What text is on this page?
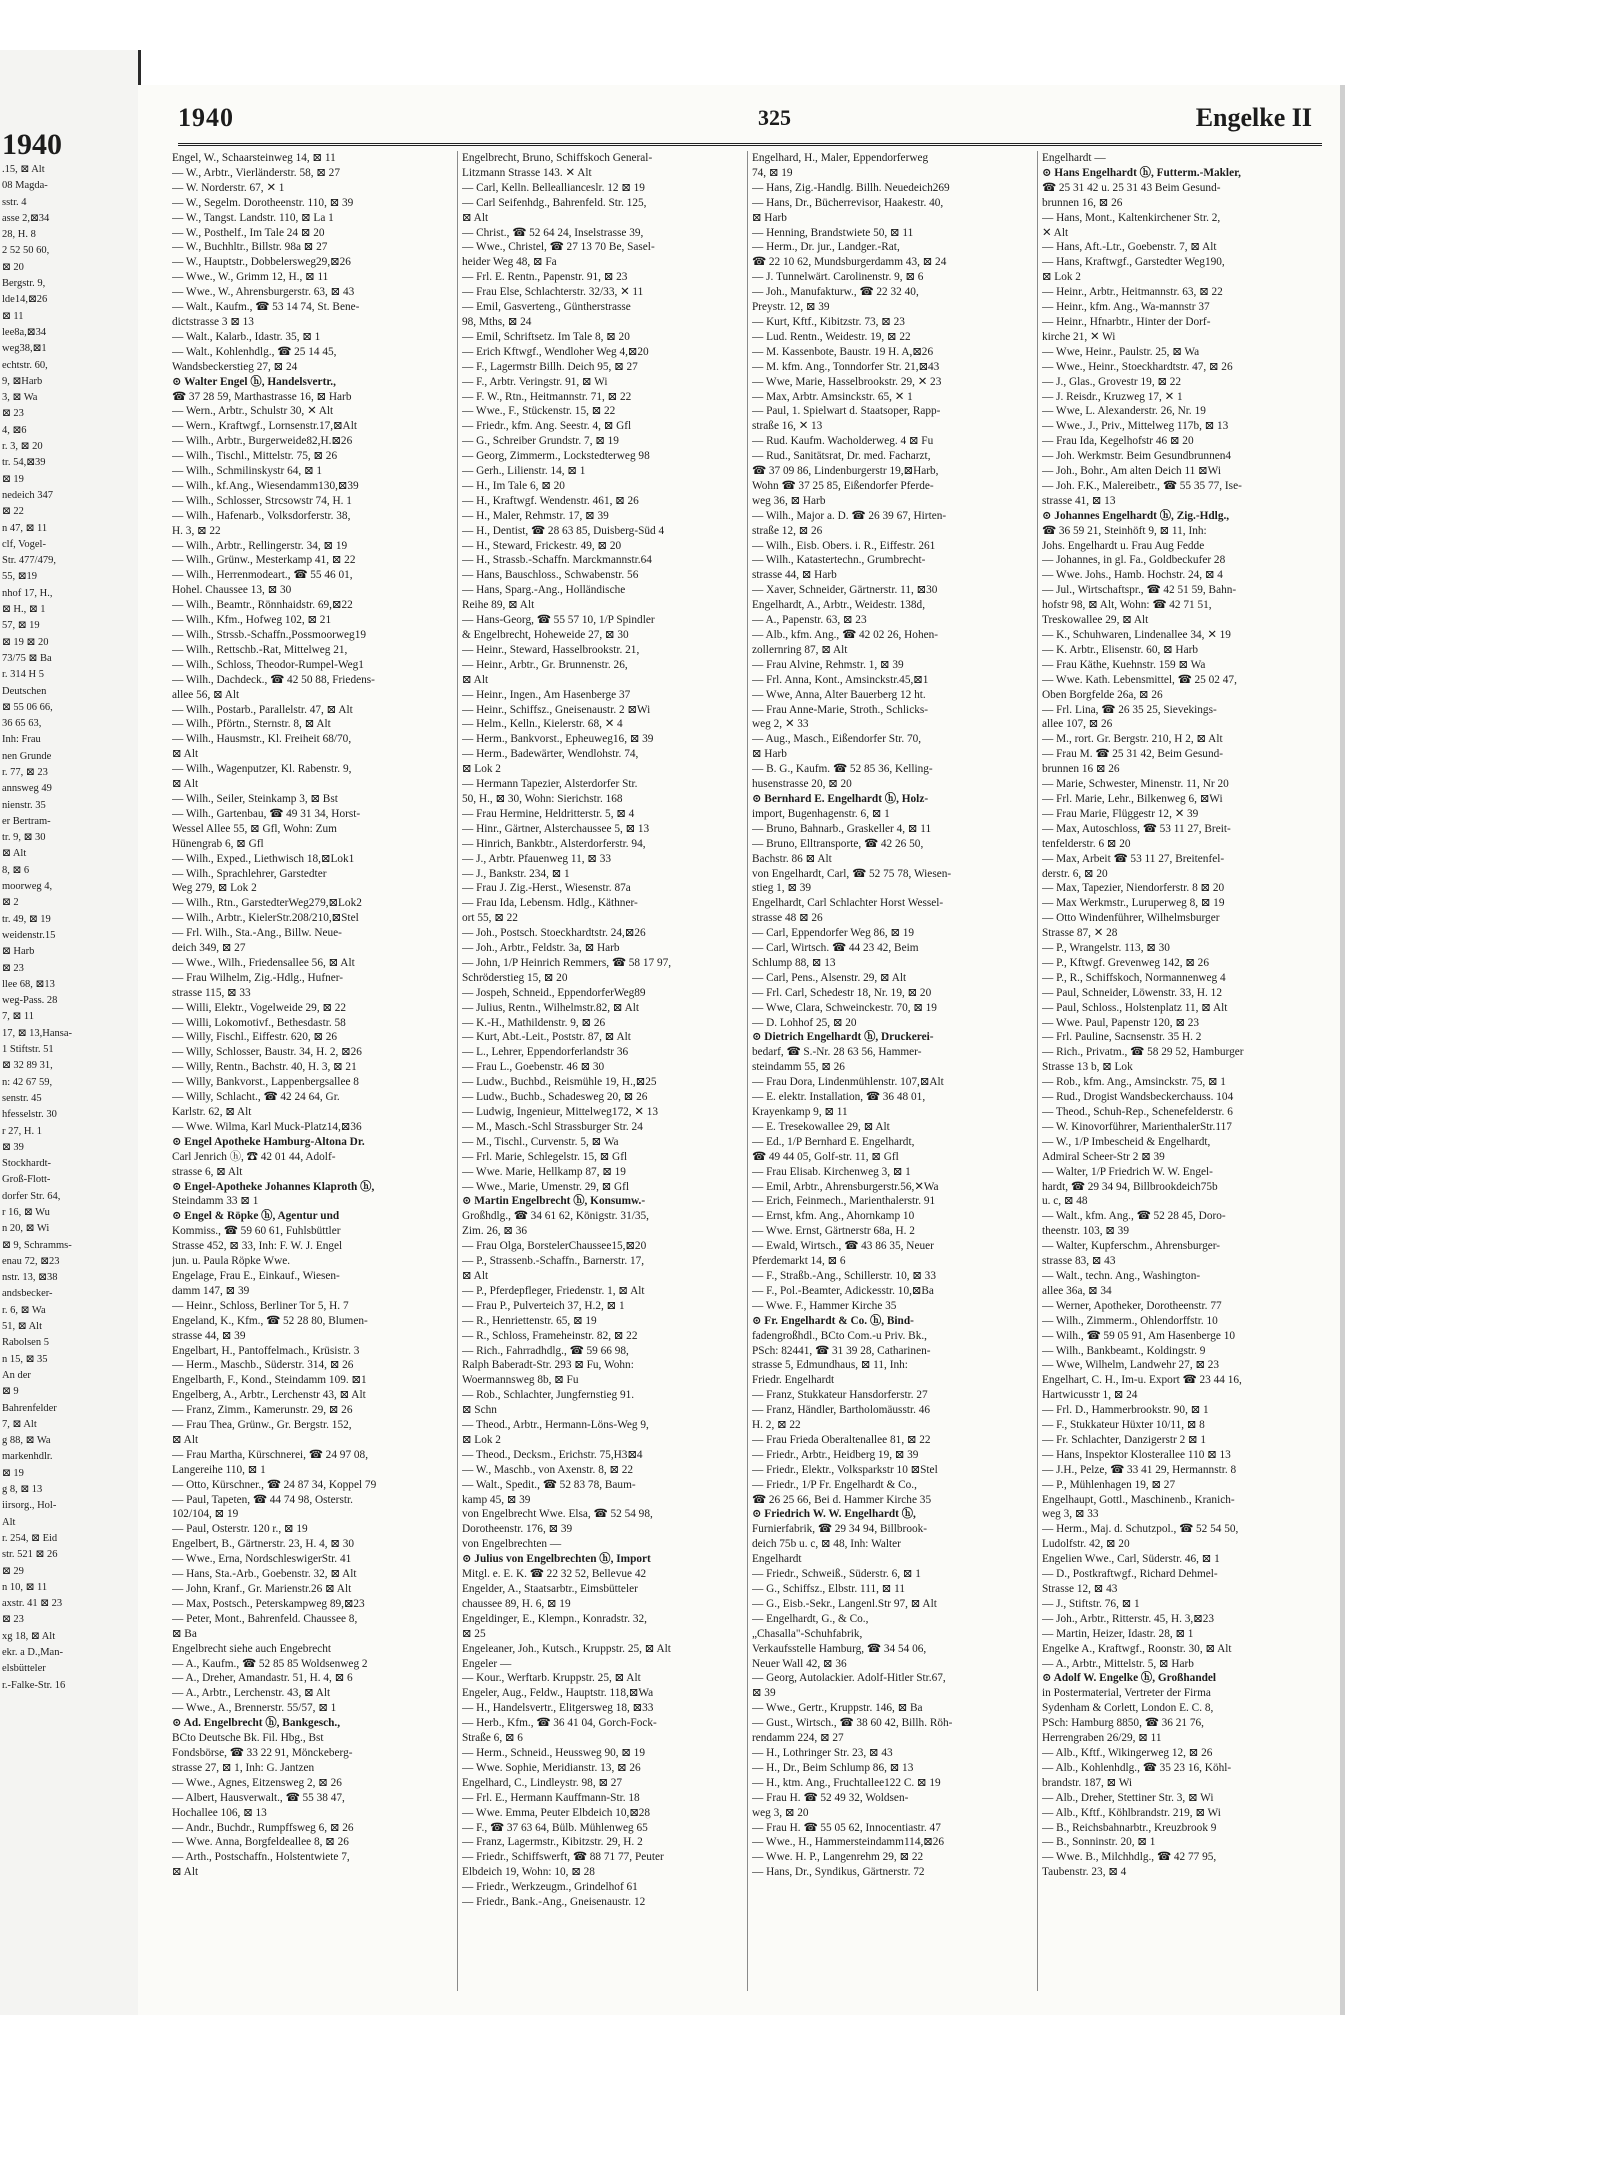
1940
.15, ⊠ Alt
08 Magda-
sstr. 4
asse 2,⊠34
28, H. 8
2 52 50 60,
⊠ 20
Bergstr. 9,
lde14,⊠26
⊠ 11
lee8a,⊠34
weg38,⊠1
echtstr. 60,
9, ⊠Harb
3, ⊠ Wa
⊠ 23
4, ⊠6
r. 3, ⊠ 20
tr. 54,⊠39
⊠ 19
nedeich 347
⊠ 22
n 47, ⊠ 11
clf, Vogel-
Str. 477/479,
55, ⊠19
nhof 17, H.,
⊠ H., ⊠ 1
57, ⊠ 19
⊠ 19 ⊠ 20
73/75 ⊠ Ba
r. 314 H 5
Deutschen
⊠ 55 06 66,
36 65 63,
Inh: Frau
nen Grunde
r. 77, ⊠ 23
annsweg 49
nienstr. 35
er Bertram-
tr. 9, ⊠ 30
⊠ Alt
8, ⊠ 6
moorweg 4,
⊠ 2
tr. 49, ⊠ 19
weidenstr.15
⊠ Harb
⊠ 23
llee 68, ⊠13
weg-Pass. 28
7, ⊠ 11
17, ⊠ 13,Hansa-
1 Stiftstr. 51
⊠ 32 89 31,
n: 42 67 59,
senstr. 45
hfesselstr. 30
r 27, H. 1
⊠ 39
Stockhardt-
Groß-Flott-
dorfer Str. 64,
r 16, ⊠ Wu
n 20, ⊠ Wi
⊠ 9, Schramms-
enau 72, ⊠23
nstr. 13, ⊠38
andsbecker-
r. 6, ⊠ Wa
51, ⊠ Alt
Rabolsen 5
n 15, ⊠ 35
An der
⊠ 9
Bahrenfelder
7, ⊠ Alt
g 88, ⊠ Wa
markenhdlr.
⊠ 19
g 8, ⊠ 13
iirsorg., Hol-
Alt
r. 254, ⊠ Eid
str. 521 ⊠ 26
⊠ 29
n 10, ⊠ 11
axstr. 41 ⊠ 23
⊠ 23
xg 18, ⊠ Alt
ekr. a D.,Man-
elsbütteler
r.-Falke-Str. 16
1940	325	Engelke II
Engel, W., Schaarsteinweg 14, ⊠ 11
— W., Arbtr., Vierländerstr. 58, ⊠ 27
— W. Norderstr. 67, ✕ 1
— W., Segelm. Dorotheenstr. 110, ⊠ 39
— W., Tangst. Landstr. 110, ⊠ La 1
— W., Posthelf., Im Tale 24 ⊠ 20
— W., Buchhltr., Billstr. 98a ⊠ 27
— W., Hauptstr., Dobbelersweg29,⊠26
— Wwe., W., Grimm 12, H., ⊠ 11
— Wwe., W., Ahrensburgerstr. 63, ⊠ 43
— Walt., Kaufm., ☎ 53 14 74, St. Bene-
dictstrasse 3 ⊠ 13
— Walt., Kalarb., Idastr. 35, ⊠ 1
— Walt., Kohlenhdlg., ☎ 25 14 45,
Wandsbeckerstieg 27, ⊠ 24
⊙ Walter Engel ⓗ, Handelsvertr.,
☎ 37 28 59, Marthastrasse 16, ⊠ Harb
— Wern., Arbtr., Schulstr 30, ✕ Alt
— Wern., Kraftwgf., Lornsenstr.17,⊠Alt
— Wilh., Arbtr., Burgerweide82,H.⊠26
— Wilh., Tischl., Mittelstr. 75, ⊠ 26
— Wilh., Schmilinskystr 64, ⊠ 1
— Wilh., kf.Ang., Wiesendamm130,⊠39
— Wilh., Schlosser, Strcsowstr 74, H. 1
— Wilh., Hafenarb., Volksdorferstr. 38,
H. 3, ⊠ 22
— Wilh., Arbtr., Rellingerstr. 34, ⊠ 19
— Wilh., Grünw., Mesterkamp 41, ⊠ 22
— Wilh., Herrenmodeart., ☎ 55 46 01,
Hohel. Chaussee 13, ⊠ 30
— Wilh., Beamtr., Rönnhaidstr. 69,⊠22
— Wilh., Kfm., Hofweg 102, ⊠ 21
— Wilh., Strssb.-Schaffn.,Possmoorweg19
— Wilh., Rettschb.-Rat, Mittelweg 21,
— Wilh., Schloss, Theodor-Rumpel-Weg1
— Wilh., Dachdeck., ☎ 42 50 88, Friedens-
allee 56, ⊠ Alt
— Wilh., Postarb., Parallelstr. 47, ⊠ Alt
— Wilh., Pförtn., Sternstr. 8, ⊠ Alt
— Wilh., Hausmstr., Kl. Freiheit 68/70,
⊠ Alt
— Wilh., Wagenputzer, Kl. Rabenstr. 9,
⊠ Alt
— Wilh., Seiler, Steinkamp 3, ⊠ Bst
— Wilh., Gartenbau, ☎ 49 31 34, Horst-
Wessel Allee 55, ⊠ Gfl, Wohn: Zum
Hünengrab 6, ⊠ Gfl
— Wilh., Exped., Liethwisch 18,⊠Lok1
— Wilh., Sprachlehrer, Garstedter
Weg 279, ⊠ Lok 2
— Wilh., Rtn., GarstedterWeg279,⊠Lok2
— Wilh., Arbtr., KielerStr.208/210,⊠Stel
— Frl. Wilh., Sta.-Ang., Billw. Neue-
deich 349, ⊠ 27
— Wwe., Wilh., Friedensallee 56, ⊠ Alt
— Frau Wilhelm, Zig.-Hdlg., Hufner-
strasse 115, ⊠ 33
— Willi, Elektr., Vogelweide 29, ⊠ 22
— Willi, Lokomotivf., Bethesdastr. 58
— Willy, Fischl., Eiffestr. 620, ⊠ 26
— Willy, Schlosser, Baustr. 34, H. 2, ⊠26
— Willy, Rentn., Bachstr. 40, H. 3, ⊠ 21
— Willy, Bankvorst., Lappenbergsallee 8
— Willy, Schlacht., ☎ 42 24 64, Gr.
Karlstr. 62, ⊠ Alt
— Wwe. Wilma, Karl Muck-Platz14,⊠36
⊙ Engel Apotheke Hamburg-Altona Dr.
Carl Jenrich ⓗ, ☎ 42 01 44, Adolf-
strasse 6, ⊠ Alt
⊙ Engel-Apotheke Johannes Klaproth ⓗ,
Steindamm 33 ⊠ 1
⊙ Engel & Röpke ⓗ, Agentur und
Kommiss., ☎ 59 60 61, Fuhlsbüttler
Strasse 452, ⊠ 33, Inh: F. W. J. Engel
jun. u. Paula Röpke Wwe.
Engelage, Frau E., Einkauf., Wiesen-
damm 147, ⊠ 39
— Heinr., Schloss, Berliner Tor 5, H. 7
Engeland, K., Kfm., ☎ 52 28 80, Blumen-
strasse 44, ⊠ 39
Engelbart, H., Pantoffelmach., Krüsistr. 3
— Herm., Maschb., Süderstr. 314, ⊠ 26
Engelbarth, F., Kond., Steindamm 109. ⊠1
Engelberg, A., Arbtr., Lerchenstr 43, ⊠ Alt
— Franz, Zimm., Kamerunstr. 29, ⊠ 26
— Frau Thea, Grünw., Gr. Bergstr. 152,
⊠ Alt
— Frau Martha, Kürschnerei, ☎ 24 97 08,
Langereihe 110, ⊠ 1
— Otto, Kürschner., ☎ 24 87 34, Koppel 79
— Paul, Tapeten, ☎ 44 74 98, Osterstr.
102/104, ⊠ 19
— Paul, Osterstr. 120 r., ⊠ 19
Engelbert, B., Gärtnerstr. 23, H. 4, ⊠ 30
— Wwe., Erna, NordschleswigerStr. 41
— Hans, Sta.-Arb., Goebenstr. 32, ⊠ Alt
— John, Kranf., Gr. Marienstr.26 ⊠ Alt
— Max, Postsch., Peterskampweg 89,⊠23
— Peter, Mont., Bahrenfeld. Chaussee 8,
⊠ Ba
Engelbrecht siehe auch Engebrecht
— A., Kaufm., ☎ 52 85 85 Woldsenweg 2
— A., Dreher, Amandastr. 51, H. 4, ⊠ 6
— A., Arbtr., Lerchenstr. 43, ⊠ Alt
— Wwe., A., Brennerstr. 55/57, ⊠ 1
⊙ Ad. Engelbrecht ⓗ, Bankgesch.,
BCto Deutsche Bk. Fil. Hbg., Bst
Fondsbörse, ☎ 33 22 91, Mönckeberg-
strasse 27, ⊠ 1, Inh: G. Jantzen
— Wwe., Agnes, Eitzensweg 2, ⊠ 26
— Albert, Hausverwalt., ☎ 55 38 47,
Hochallee 106, ⊠ 13
— Andr., Buchdr., Rumpffsweg 6, ⊠ 26
— Wwe. Anna, Borgfeldeallee 8, ⊠ 26
— Arth., Postschaffn., Holstentwiete 7,
⊠ Alt
Engelbrecht, Bruno, Schiffskoch General-
Litzmann Strasse 143. ✕ Alt
— Carl, Kelln. Belleallianceslr. 12 ⊠ 19
— Carl Seifenhdg., Bahrenfeld. Str. 125,
⊠ Alt
— Christ., ☎ 52 64 24, Inselstrasse 39,
— Wwe., Christel, ☎ 27 13 70 Be, Sasel-
heider Weg 48, ⊠ Fa
— Frl. E. Rentn., Papenstr. 91, ⊠ 23
— Frau Else, Schlachterstr. 32/33, ✕ 11
— Emil, Gasverteng., Güntherstrasse
98, Mths, ⊠ 24
— Emil, Schriftsetz. Im Tale 8, ⊠ 20
— Erich Kftwgf., Wendloher Weg 4,⊠20
— F., Lagermstr Billh. Deich 95, ⊠ 27
— F., Arbtr. Veringstr. 91, ⊠ Wi
— F. W., Rtn., Heitmannstr. 71, ⊠ 22
— Wwe., F., Stückenstr. 15, ⊠ 22
— Friedr., kfm. Ang. Seestr. 4, ⊠ Gfl
— G., Schreiber Grundstr. 7, ⊠ 19
— Georg, Zimmerm., Lockstedterweg 98
— Gerh., Lilienstr. 14, ⊠ 1
— H., Im Tale 6, ⊠ 20
— H., Kraftwgf. Wendenstr. 461, ⊠ 26
— H., Maler, Rehmstr. 17, ⊠ 39
— H., Dentist, ☎ 28 63 85, Duisberg-Süd 4
— H., Steward, Frickestr. 49, ⊠ 20
— H., Strassb.-Schaffn. Marckmannstr.64
— Hans, Bauschloss., Schwabenstr. 56
— Hans, Sparg.-Ang., Holländische
Reihe 89, ⊠ Alt
— Hans-Georg, ☎ 55 57 10, 1/P Spindler
& Engelbrecht, Hoheweide 27, ⊠ 30
— Heinr., Steward, Hasselbrookstr. 21,
— Heinr., Arbtr., Gr. Brunnenstr. 26,
⊠ Alt
— Heinr., Ingen., Am Hasenberge 37
— Heinr., Schiffsz., Gneisenaustr. 2 ⊠Wi
— Helm., Kelln., Kielerstr. 68, ✕ 4
— Herm., Bankvorst., Epheuweg16, ⊠ 39
— Herm., Badewärter, Wendlohstr. 74,
⊠ Lok 2
— Hermann Tapezier, Alsterdorfer Str.
50, H., ⊠ 30, Wohn: Sierichstr. 168
— Frau Hermine, Heldritterstr. 5, ⊠ 4
— Hinr., Gärtner, Alsterchaussee 5, ⊠ 13
— Hinrich, Bankbtr., Alsterdorferstr. 94,
— J., Arbtr. Pfauenweg 11, ⊠ 33
— J., Bankstr. 234, ⊠ 1
— Frau J. Zig.-Herst., Wiesenstr. 87a
— Frau Ida, Lebensm. Hdlg., Käthner-
ort 55, ⊠ 22
— Joh., Postsch. Stoeckhardtstr. 24,⊠26
— Joh., Arbtr., Feldstr. 3a, ⊠ Harb
— John, 1/P Heinrich Remmers, ☎ 58 17 97,
Schröderstieg 15, ⊠ 20
— Jospeh, Schneid., EppendorferWeg89
— Julius, Rentn., Wilhelmstr.82, ⊠ Alt
— K.-H., Mathildenstr. 9, ⊠ 26
— Kurt, Abt.-Leit., Poststr. 87, ⊠ Alt
— L., Lehrer, Eppendorferlandstr 36
— Frau L., Goebenstr. 46 ⊠ 30
— Ludw., Buchbd., Reismühle 19, H.,⊠25
— Ludw., Buchb., Schadesweg 20, ⊠ 26
— Ludwig, Ingenieur, Mittelweg172, ✕ 13
— M., Masch.-Schl Strassburger Str. 24
— M., Tischl., Curvenstr. 5, ⊠ Wa
— Frl. Marie, Schlegelstr. 15, ⊠ Gfl
— Wwe. Marie, Hellkamp 87, ⊠ 19
— Wwe., Marie, Umenstr. 29, ⊠ Gfl
⊙ Martin Engelbrecht ⓗ, Konsumw.-
Großhdlg., ☎ 34 61 62, Königstr. 31/35,
Zim. 26, ⊠ 36
— Frau Olga, BorstelerChaussee15,⊠20
— P., Strassenb.-Schaffn., Barnerstr. 17,
⊠ Alt
— P., Pferdepfleger, Friedenstr. 1, ⊠ Alt
— Frau P., Pulverteich 37, H.2, ⊠ 1
— R., Henriettenstr. 65, ⊠ 19
— R., Schloss, Frameheinstr. 82, ⊠ 22
— Rich., Fahrradhdlg., ☎ 59 66 98,
Ralph Baberadt-Str. 293 ⊠ Fu, Wohn:
Woermannsweg 8b, ⊠ Fu
— Rob., Schlachter, Jungfernstieg 91.
⊠ Schn
— Theod., Arbtr., Hermann-Löns-Weg 9,
⊠ Lok 2
— Theod., Decksm., Erichstr. 75,H3⊠4
— W., Maschb., von Axenstr. 8, ⊠ 22
— Walt., Spedit., ☎ 52 83 78, Baum-
kamp 45, ⊠ 39
von Engelbrecht Wwe. Elsa, ☎ 52 54 98,
Dorotheenstr. 176, ⊠ 39
von Engelbrechten —
⊙ Julius von Engelbrechten ⓗ, Import
Mitgl. e. E. K. ☎ 22 32 52, Bellevue 42
Engelder, A., Staatsarbtr., Eimsbütteler
chaussee 89, H. 6, ⊠ 19
Engeldinger, E., Klempn., Konradstr. 32,
⊠ 25
Engeleaner, Joh., Kutsch., Kruppstr. 25, ⊠ Alt
Engeler —
— Kour., Werftarb. Kruppstr. 25, ⊠ Alt
Engeler, Aug., Feldw., Hauptstr. 118,⊠Wa
— H., Handelsvertr., Elitgersweg 18, ⊠33
— Herb., Kfm., ☎ 36 41 04, Gorch-Fock-
Straße 6, ⊠ 6
— Herm., Schneid., Heussweg 90, ⊠ 19
— Wwe. Sophie, Meridianstr. 13, ⊠ 26
Engelhard, C., Lindleystr. 98, ⊠ 27
— Frl. E., Hermann Kauffmann-Str. 18
— Wwe. Emma, Peuter Elbdeich 10,⊠28
— F., ☎ 37 63 64, Bülb. Mühlenweg 65
— Franz, Lagermstr., Kibitzstr. 29, H. 2
— Friedr., Schiffswerft, ☎ 88 71 77, Peuter
Elbdeich 19, Wohn: 10, ⊠ 28
— Friedr., Werkzeugm., Grindelhof 61
— Friedr., Bank.-Ang., Gneisenaustr. 12
Engelhard, H., Maler, Eppendorferweg
74, ⊠ 19
— Hans, Zig.-Handlg. Billh. Neuedeich269
— Hans, Dr., Bücherrevisor, Haakestr. 40,
⊠ Harb
— Henning, Brandstwiete 50, ⊠ 11
— Herm., Dr. jur., Landger.-Rat,
☎ 22 10 62, Mundsburgerdamm 43, ⊠ 24
— J. Tunnelwärt. Carolinenstr. 9, ⊠ 6
— Joh., Manufakturw., ☎ 22 32 40,
Preystr. 12, ⊠ 39
— Kurt, Kftf., Kibitzstr. 73, ⊠ 23
— Lud. Rentn., Weidestr. 19, ⊠ 22
— M. Kassenbote, Baustr. 19 H. A,⊠26
— M. kfm. Ang., Tonndorfer Str. 21,⊠43
— Wwe, Marie, Hasselbrookstr. 29, ✕ 23
— Max, Arbtr. Amsinckstr. 65, ✕ 1
— Paul, 1. Spielwart d. Staatsoper, Rapp-
straße 16, ✕ 13
— Rud. Kaufm. Wacholderweg. 4 ⊠ Fu
— Rud., Sanitätsrat, Dr. med. Facharzt,
☎ 37 09 86, Lindenburgerstr 19,⊠Harb,
Wohn ☎ 37 25 85, Eißendorfer Pferde-
weg 36, ⊠ Harb
— Wilh., Major a. D. ☎ 26 39 67, Hirten-
straße 12, ⊠ 26
— Wilh., Eisb. Obers. i. R., Eiffestr. 261
— Wilh., Katastertechn., Grumbrecht-
strasse 44, ⊠ Harb
— Xaver, Schneider, Gärtnerstr. 11, ⊠30
Engelhardt, A., Arbtr., Weidestr. 138d,
— A., Papenstr. 63, ⊠ 23
— Alb., kfm. Ang., ☎ 42 02 26, Hohen-
zollernring 87, ⊠ Alt
— Frau Alvine, Rehmstr. 1, ⊠ 39
— Frl. Anna, Kont., Amsinckstr.45,⊠1
— Wwe, Anna, Alter Bauerberg 12 ht.
— Frau Anne-Marie, Stroth., Schlicks-
weg 2, ✕ 33
— Aug., Masch., Eißendorfer Str. 70,
⊠ Harb
— B. G., Kaufm. ☎ 52 85 36, Kelling-
husenstrasse 20, ⊠ 20
⊙ Bernhard E. Engelhardt ⓗ, Holz-
import, Bugenhagenstr. 6, ⊠ 1
— Bruno, Bahnarb., Graskeller 4, ⊠ 11
— Bruno, Elltransporte, ☎ 42 26 50,
Bachstr. 86 ⊠ Alt
von Engelhardt, Carl, ☎ 52 75 78, Wiesen-
stieg 1, ⊠ 39
Engelhardt, Carl Schlachter Horst Wessel-
strasse 48 ⊠ 26
— Carl, Eppendorfer Weg 86, ⊠ 19
— Carl, Wirtsch. ☎ 44 23 42, Beim
Schlump 88, ⊠ 13
— Carl, Pens., Alsenstr. 29, ⊠ Alt
— Frl. Carl, Schedestr 18, Nr. 19, ⊠ 20
— Wwe, Clara, Schweinckestr. 70, ⊠ 19
— D. Lohhof 25, ⊠ 20
⊙ Dietrich Engelhardt ⓗ, Druckerei-
bedarf, ☎ S.-Nr. 28 63 56, Hammer-
steindamm 55, ⊠ 26
— Frau Dora, Lindenmühlenstr. 107,⊠Alt
— E. elektr. Installation, ☎ 36 48 01,
Krayenkamp 9, ⊠ 11
— E. Tresekowallee 29, ⊠ Alt
— Ed., 1/P Bernhard E. Engelhardt,
☎ 49 44 05, Golf-str. 11, ⊠ Gfl
— Frau Elisab. Kirchenweg 3, ⊠ 1
— Emil, Arbtr., Ahrensburgerstr.56,✕Wa
— Erich, Feinmech., Marienthalerstr. 91
— Ernst, kfm. Ang., Ahornkamp 10
— Wwe. Ernst, Gärtnerstr 68a, H. 2
— Ewald, Wirtsch., ☎ 43 86 35, Neuer
Pferdemarkt 14, ⊠ 6
— F., Straßb.-Ang., Schillerstr. 10, ⊠ 33
— F., Pol.-Beamter, Adickesstr. 10,⊠Ba
— Wwe. F., Hammer Kirche 35
⊙ Fr. Engelhardt & Co. ⓗ, Bind-
fadengroßhdl., BCto Com.-u Priv. Bk.,
PSch: 82441, ☎ 31 39 28, Catharinen-
strasse 5, Edmundhaus, ⊠ 11, Inh:
Friedr. Engelhardt
— Franz, Stukkateur Hansdorferstr. 27
— Franz, Händler, Bartholomäusstr. 46
H. 2, ⊠ 22
— Frau Frieda Oberaltenallee 81, ⊠ 22
— Friedr., Arbtr., Heidberg 19, ⊠ 39
— Friedr., Elektr., Volksparkstr 10 ⊠Stel
— Friedr., 1/P Fr. Engelhardt & Co.,
☎ 26 25 66, Bei d. Hammer Kirche 35
⊙ Friedrich W. W. Engelhardt ⓗ,
Furnierfabrik, ☎ 29 34 94, Billbrook-
deich 75b u. c, ⊠ 48, Inh: Walter
Engelhardt
— Friedr., Schweiß., Süderstr. 6, ⊠ 1
— G., Schiffsz., Elbstr. 111, ⊠ 11
— G., Eisb.-Sekr., Langenl.Str 97, ⊠ Alt
— Engelhardt, G., & Co.,
„Chasalla"-Schuhfabrik,
Verkaufsstelle Hamburg, ☎ 34 54 06,
Neuer Wall 42, ⊠ 36
— Georg, Autolackier. Adolf-Hitler Str.67,
⊠ 39
— Wwe., Gertr., Kruppstr. 146, ⊠ Ba
— Gust., Wirtsch., ☎ 38 60 42, Billh. Röh-
rendamm 224, ⊠ 27
— H., Lothringer Str. 23, ⊠ 43
— H., Dr., Beim Schlump 86, ⊠ 13
— H., ktm. Ang., Fruchtallee122 C. ⊠ 19
— Frau H. ☎ 52 49 32, Woldsen-
weg 3, ⊠ 20
— Frau H. ☎ 55 05 62, Innocentiastr. 47
— Wwe., H., Hammersteindamm114,⊠26
— Wwe. H. P., Langenrehm 29, ⊠ 22
— Hans, Dr., Syndikus, Gärtnerstr. 72
Engelhardt —
⊙ Hans Engelhardt ⓗ, Futterm.-Makler,
☎ 25 31 42 u. 25 31 43 Beim Gesund-
brunnen 16, ⊠ 26
— Hans, Mont., Kaltenkirchener Str. 2,
✕ Alt
— Hans, Aft.-Ltr., Goebenstr. 7, ⊠ Alt
— Hans, Kraftwgf., Garstedter Weg190,
⊠ Lok 2
— Heinr., Arbtr., Heitmannstr. 63, ⊠ 22
— Heinr., kfm. Ang., Wa-mannstr 37
— Heinr., Hfnarbtr., Hinter der Dorf-
kirche 21, ✕ Wi
— Wwe, Heinr., Paulstr. 25, ⊠ Wa
— Wwe., Heinr., Stoeckhardtstr. 47, ⊠ 26
— J., Glas., Grovestr 19, ⊠ 22
— J. Reisdr., Kruzweg 17, ✕ 1
— Wwe, L. Alexanderstr. 26, Nr. 19
— Wwe., J., Priv., Mittelweg 117b, ⊠ 13
— Frau Ida, Kegelhofstr 46 ⊠ 20
— Joh. Werkmstr. Beim Gesundbrunnen4
— Joh., Bohr., Am alten Deich 11 ⊠Wi
— Joh. F.K., Malereibetr., ☎ 55 35 77, Ise-
strasse 41, ⊠ 13
⊙ Johannes Engelhardt ⓗ, Zig.-Hdlg.,
☎ 36 59 21, Steinhöft 9, ⊠ 11, Inh:
Johs. Engelhardt u. Frau Aug Fedde
— Johannes, in gl. Fa., Goldbeckufer 28
— Wwe. Johs., Hamb. Hochstr. 24, ⊠ 4
— Jul., Wirtschaftspr., ☎ 42 51 59, Bahn-
hofstr 98, ⊠ Alt, Wohn: ☎ 42 71 51,
Treskowallee 29, ⊠ Alt
— K., Schuhwaren, Lindenallee 34, ✕ 19
— K. Arbtr., Elisenstr. 60, ⊠ Harb
— Frau Käthe, Kuehnstr. 159 ⊠ Wa
— Wwe. Kath. Lebensmittel, ☎ 25 02 47,
Oben Borgfelde 26a, ⊠ 26
— Frl. Lina, ☎ 26 35 25, Sievekings-
allee 107, ⊠ 26
— M., rort. Gr. Bergstr. 210, H 2, ⊠ Alt
— Frau M. ☎ 25 31 42, Beim Gesund-
brunnen 16 ⊠ 26
— Marie, Schwester, Minenstr. 11, Nr 20
— Frl. Marie, Lehr., Bilkenweg 6, ⊠Wi
— Frau Marie, Flüggestr 12, ✕ 39
— Max, Autoschloss, ☎ 53 11 27, Breit-
tenfelderstr. 6 ⊠ 20
— Max, Arbeit ☎ 53 11 27, Breitenfel-
derstr. 6, ⊠ 20
— Max, Tapezier, Niendorferstr. 8 ⊠ 20
— Max Werkmstr., Luruperweg 8, ⊠ 19
— Otto Windenführer, Wilhelmsburger
Strasse 87, ✕ 28
— P., Wrangelstr. 113, ⊠ 30
— P., Kftwgf. Grevenweg 142, ⊠ 26
— P., R., Schiffskoch, Normannenweg 4
— Paul, Schneider, Löwenstr. 33, H. 12
— Paul, Schloss., Holstenplatz 11, ⊠ Alt
— Wwe. Paul, Papenstr 120, ⊠ 23
— Frl. Pauline, Sacnsenstr. 35 H. 2
— Rich., Privatm., ☎ 58 29 52, Hamburger
Strasse 13 b, ⊠ Lok
— Rob., kfm. Ang., Amsinckstr. 75, ⊠ 1
— Rud., Drogist Wandsbeckerchauss. 104
— Theod., Schuh-Rep., Schenefelderstr. 6
— W. Kinovorführer, MarienthalerStr.117
— W., 1/P Imbescheid & Engelhardt,
Admiral Scheer-Str 2 ⊠ 39
— Walter, 1/P Friedrich W. W. Engel-
hardt, ☎ 29 34 94, Billbrookdeich75b
u. c, ⊠ 48
— Walt., kfm. Ang., ☎ 52 28 45, Doro-
theenstr. 103, ⊠ 39
— Walter, Kupferschm., Ahrensburger-
strasse 83, ⊠ 43
— Walt., techn. Ang., Washington-
allee 36a, ⊠ 34
— Werner, Apotheker, Dorotheenstr. 77
— Wilh., Zimmerm., Ohlendorffstr. 10
— Wilh., ☎ 59 05 91, Am Hasenberge 10
— Wilh., Bankbeamt., Koldingstr. 9
— Wwe, Wilhelm, Landwehr 27, ⊠ 23
Engelhart, C. H., Im-u. Export ☎ 23 44 16,
Hartwicusstr 1, ⊠ 24
— Frl. D., Hammerbrookstr. 90, ⊠ 1
— F., Stukkateur Hüxter 10/11, ⊠ 8
— Fr. Schlachter, Danzigerstr 2 ⊠ 1
— Hans, Inspektor Klosterallee 110 ⊠ 13
— J.H., Pelze, ☎ 33 41 29, Hermannstr. 8
— P., Mühlenhagen 19, ⊠ 27
Engelhaupt, Gottl., Maschinenb., Kranich-
weg 3, ⊠ 33
— Herm., Maj. d. Schutzpol., ☎ 52 54 50,
Ludolfstr. 42, ⊠ 20
Engelien Wwe., Carl, Süderstr. 46, ⊠ 1
— D., Postkraftwgf., Richard Dehmel-
Strasse 12, ⊠ 43
— J., Stiftstr. 76, ⊠ 1
— Joh., Arbtr., Ritterstr. 45, H. 3,⊠23
— Martin, Heizer, Idastr. 28, ⊠ 1
Engelke A., Kraftwgf., Roonstr. 30, ⊠ Alt
— A., Arbtr., Mittelstr. 5, ⊠ Harb
⊙ Adolf W. Engelke ⓗ, Großhandel
in Postermaterial, Vertreter der Firma
Sydenham & Corlett, London E. C. 8,
PSch: Hamburg 8850, ☎ 36 21 76,
Herrengraben 26/29, ⊠ 11
— Alb., Kftf., Wikingerweg 12, ⊠ 26
— Alb., Kohlenhdlg., ☎ 35 23 16, Köhl-
brandstr. 187, ⊠ Wi
— Alb., Dreher, Stettiner Str. 3, ⊠ Wi
— Alb., Kftf., Köhlbrandstr. 219, ⊠ Wi
— B., Reichsbahnarbtr., Kreuzbrook 9
— B., Sonninstr. 20, ⊠ 1
— Wwe. B., Milchhdlg., ☎ 42 77 95,
Taubenstr. 23, ⊠ 4
